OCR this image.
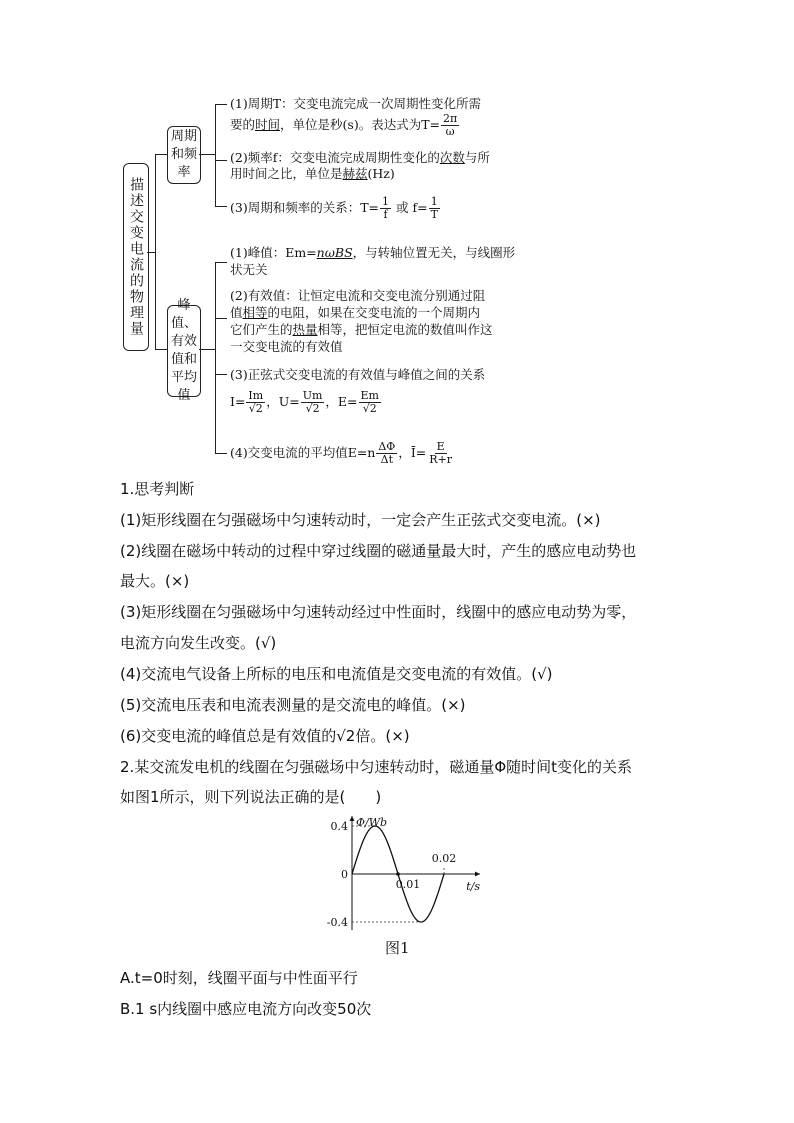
描述交变电流的物理量
周期
和频
率
(1)周期T：交变电流完成一次周期性变化所需
要的时间，单位是秒(s)。表达式为$T= \frac{2\pi}{\omega}$
(2)频率f：交变电流完成周期性变化的次数与所
用时间之比，单位是赫兹(Hz)
(3)周期和频率的关系：$T= \frac{1}{f}$ 或 $f= \frac{1}{T}$
峰值、
有效
值和
平均
值
(1)峰值：Em=nωBS，与转轴位置无关，与线圈形
状无关
(2)有效值：让恒定电流和交变电流分别通过阻
值相等的电阻，如果在交变电流的一个周期内
它们产生的热量相等，把恒定电流的数值叫作这
一交变电流的有效值
(3)正弦式交变电流的有效值与峰值之间的关系
$I= \frac{Im}{√2}$ ，$U= \frac{Um}{√2}$ ，$E= \frac{Em}{√2}$
(4)交变电流的平均值$E=n \frac{\Delta\Phi}{\Delta t}$ ，Ī= $\frac{E}{R+r}$
1.思考判断
(1)矩形线圈在匀强磁场中匀速转动时，一定会产生正弦式交变电流。(×)
(2)线圈在磁场中转动的过程中穿过线圈的磁通量最大时，产生的感应电动势也
最大。(×)
(3)矩形线圈在匀强磁场中匀速转动经过中性面时，线圈中的感应电动势为零，
电流方向发生改变。(√)
(4)交流电气设备上所标的电压和电流值是交变电流的有效值。(√)
(5)交流电压表和电流表测量的是交流电的峰值。(×)
(6)交变电流的峰值总是有效值的√2倍。(×)
2.某交流发电机的线圈在匀强磁场中匀速转动时，磁通量Φ随时间t变化的关系
如图1所示，则下列说法正确的是(　　)
0.4
0
-0.4
0.01
0.02
Φ/Wb
t/s
图1
A.t=0时刻，线圈平面与中性面平行
B.1 s内线圈中感应电流方向改变50次
